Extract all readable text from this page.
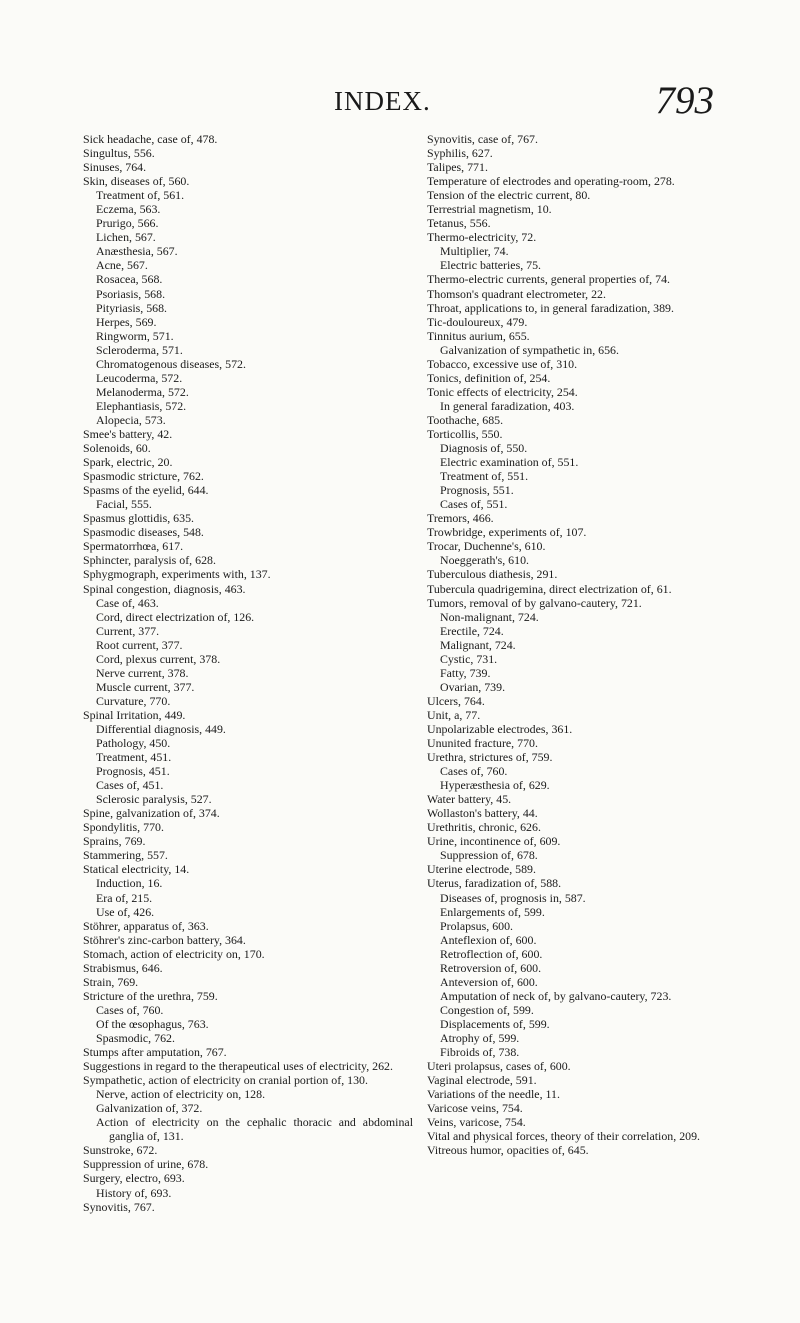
INDEX.	793
Sick headache, case of, 478.
Singultus, 556.
Sinuses, 764.
Skin, diseases of, 560.
Treatment of, 561.
Eczema, 563.
Prurigo, 566.
Lichen, 567.
Anæsthesia, 567.
Acne, 567.
Rosacea, 568.
Psoriasis, 568.
Pityriasis, 568.
Herpes, 569.
Ringworm, 571.
Scleroderma, 571.
Chromatogenous diseases, 572.
Leucoderma, 572.
Melanoderma, 572.
Elephantiasis, 572.
Alopecia, 573.
Smee's battery, 42.
Solenoids, 60.
Spark, electric, 20.
Spasmodic stricture, 762.
Spasms of the eyelid, 644.
Facial, 555.
Spasmus glottidis, 635.
Spasmodic diseases, 548.
Spermatorrhœa, 617.
Sphincter, paralysis of, 628.
Sphygmograph, experiments with, 137.
Spinal congestion, diagnosis, 463.
Case of, 463.
Cord, direct electrization of, 126.
Current, 377.
Root current, 377.
Cord, plexus current, 378.
Nerve current, 378.
Muscle current, 377.
Curvature, 770.
Spinal Irritation, 449.
Differential diagnosis, 449.
Pathology, 450.
Treatment, 451.
Prognosis, 451.
Cases of, 451.
Sclerosic paralysis, 527.
Spine, galvanization of, 374.
Spondylitis, 770.
Sprains, 769.
Stammering, 557.
Statical electricity, 14.
Induction, 16.
Era of, 215.
Use of, 426.
Stöhrer, apparatus of, 363.
Stöhrer's zinc-carbon battery, 364.
Stomach, action of electricity on, 170.
Strabismus, 646.
Strain, 769.
Stricture of the urethra, 759.
Cases of, 760.
Of the œsophagus, 763.
Spasmodic, 762.
Stumps after amputation, 767.
Suggestions in regard to the therapeutical uses of electricity, 262.
Sympathetic, action of electricity on cranial portion of, 130.
Nerve, action of electricity on, 128.
Galvanization of, 372.
Action of electricity on the cephalic thoracic and abdominal ganglia of, 131.
Sunstroke, 672.
Suppression of urine, 678.
Surgery, electro, 693.
History of, 693.
Synovitis, 767.
Synovitis, case of, 767.
Syphilis, 627.
Talipes, 771.
Temperature of electrodes and operating-room, 278.
Tension of the electric current, 80.
Terrestrial magnetism, 10.
Tetanus, 556.
Thermo-electricity, 72.
Multiplier, 74.
Electric batteries, 75.
Thermo-electric currents, general properties of, 74.
Thomson's quadrant electrometer, 22.
Throat, applications to, in general faradization, 389.
Tic-douloureux, 479.
Tinnitus aurium, 655.
Galvanization of sympathetic in, 656.
Tobacco, excessive use of, 310.
Tonics, definition of, 254.
Tonic effects of electricity, 254.
In general faradization, 403.
Toothache, 685.
Torticollis, 550.
Diagnosis of, 550.
Electric examination of, 551.
Treatment of, 551.
Prognosis, 551.
Cases of, 551.
Tremors, 466.
Trowbridge, experiments of, 107.
Trocar, Duchenne's, 610.
Noeggerath's, 610.
Tuberculous diathesis, 291.
Tubercula quadrigemina, direct electrization of, 61.
Tumors, removal of by galvano-cautery, 721.
Non-malignant, 724.
Erectile, 724.
Malignant, 724.
Cystic, 731.
Fatty, 739.
Ovarian, 739.
Ulcers, 764.
Unit, a, 77.
Unpolarizable electrodes, 361.
Ununited fracture, 770.
Urethra, strictures of, 759.
Cases of, 760.
Hyperæsthesia of, 629.
Water battery, 45.
Wollaston's battery, 44.
Urethritis, chronic, 626.
Urine, incontinence of, 609.
Suppression of, 678.
Uterine electrode, 589.
Uterus, faradization of, 588.
Diseases of, prognosis in, 587.
Enlargements of, 599.
Prolapsus, 600.
Anteflexion of, 600.
Retroflection of, 600.
Retroversion of, 600.
Anteversion of, 600.
Amputation of neck of, by galvano-cautery, 723.
Congestion of, 599.
Displacements of, 599.
Atrophy of, 599.
Fibroids of, 738.
Uteri prolapsus, cases of, 600.
Vaginal electrode, 591.
Variations of the needle, 11.
Varicose veins, 754.
Veins, varicose, 754.
Vital and physical forces, theory of their correlation, 209.
Vitreous humor, opacities of, 645.
